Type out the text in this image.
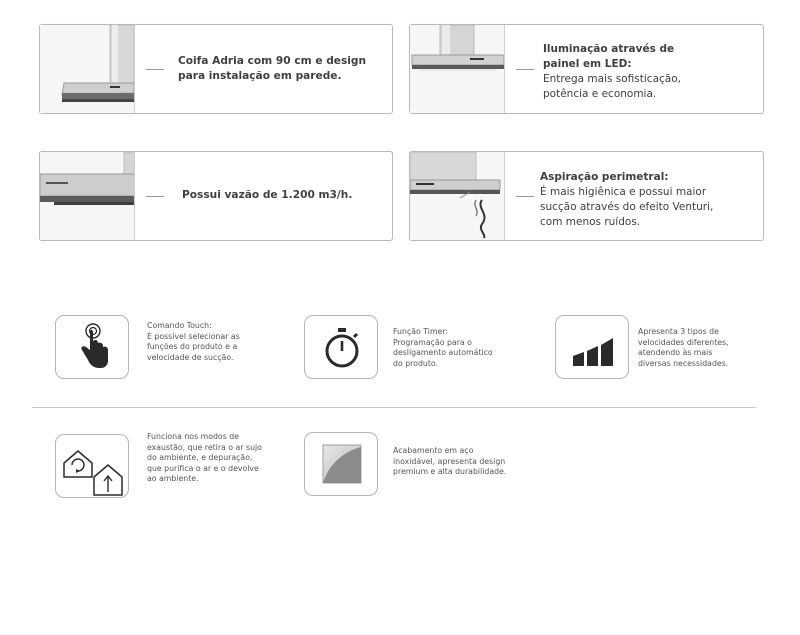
Coifa Adria com 90 cm e design
para instalação em parede.
Iluminação através de
painel em LED:
Entrega mais sofisticação,
potência e economia.
Possui vazão de 1.200 m3/h.
Aspiração perimetral:
É mais higiênica e possui maior
sucção através do efeito Venturi,
com menos ruídos.
Comando Touch:
É possível selecionar as
funções do produto e a
velocidade de sucção.
Função Timer:
Programação para o
desligamento automático
do produto.
Apresenta 3 tipos de
velocidades diferentes,
atendendo às mais
diversas necessidades.
Funciona nos modos de
exaustão, que retira o ar sujo
do ambiente, e depuração,
que purifica o ar e o devolve
ao ambiente.
Acabamento em aço
inoxidável, apresenta design
premium e alta durabilidade.
